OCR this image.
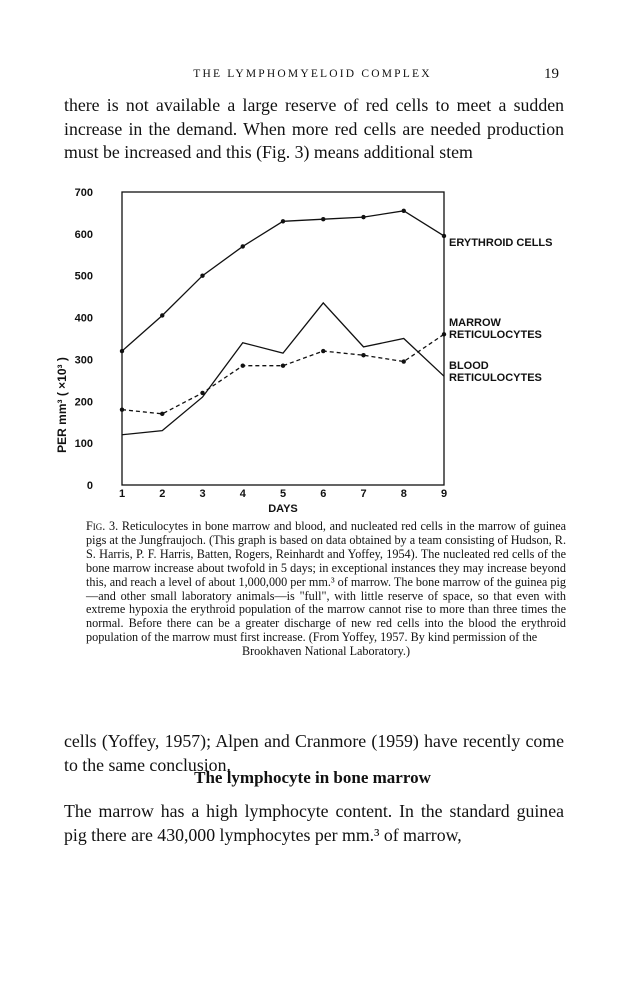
THE LYMPHOMYELOID COMPLEX	19

there is not available a large reserve of red cells to meet a sudden increase in the demand. When more red cells are needed production must be increased and this (Fig. 3) means additional stem

0
100
200
300
400
500
600
700
1	2	3	4	5	6	7	8	9
DAYS
PER mm³ ( ×10³ )
ERYTHROID CELLS
MARROW RETICULOCYTES
BLOOD RETICULOCYTES
Fig. 3. Reticulocytes in bone marrow and blood, and nucleated red cells in the marrow of guinea pigs at the Jungfraujoch. (This graph is based on data obtained by a team consisting of Hudson, R. S. Harris, P. F. Harris, Batten, Rogers, Reinhardt and Yoffey, 1954). The nucleated red cells of the bone marrow increase about twofold in 5 days; in exceptional instances they may increase beyond this, and reach a level of about 1,000,000 per mm.³ of marrow. The bone marrow of the guinea pig—and other small laboratory animals—is "full", with little reserve of space, so that even with extreme hypoxia the erythroid population of the marrow cannot rise to more than three times the normal. Before there can be a greater discharge of new red cells into the blood the erythroid population of the marrow must first increase. (From Yoffey, 1957. By kind permission of the
Brookhaven National Laboratory.)

cells (Yoffey, 1957); Alpen and Cranmore (1959) have recently come to the same conclusion.

The lymphocyte in bone marrow

The marrow has a high lymphocyte content. In the standard guinea pig there are 430,000 lymphocytes per mm.³ of marrow,
